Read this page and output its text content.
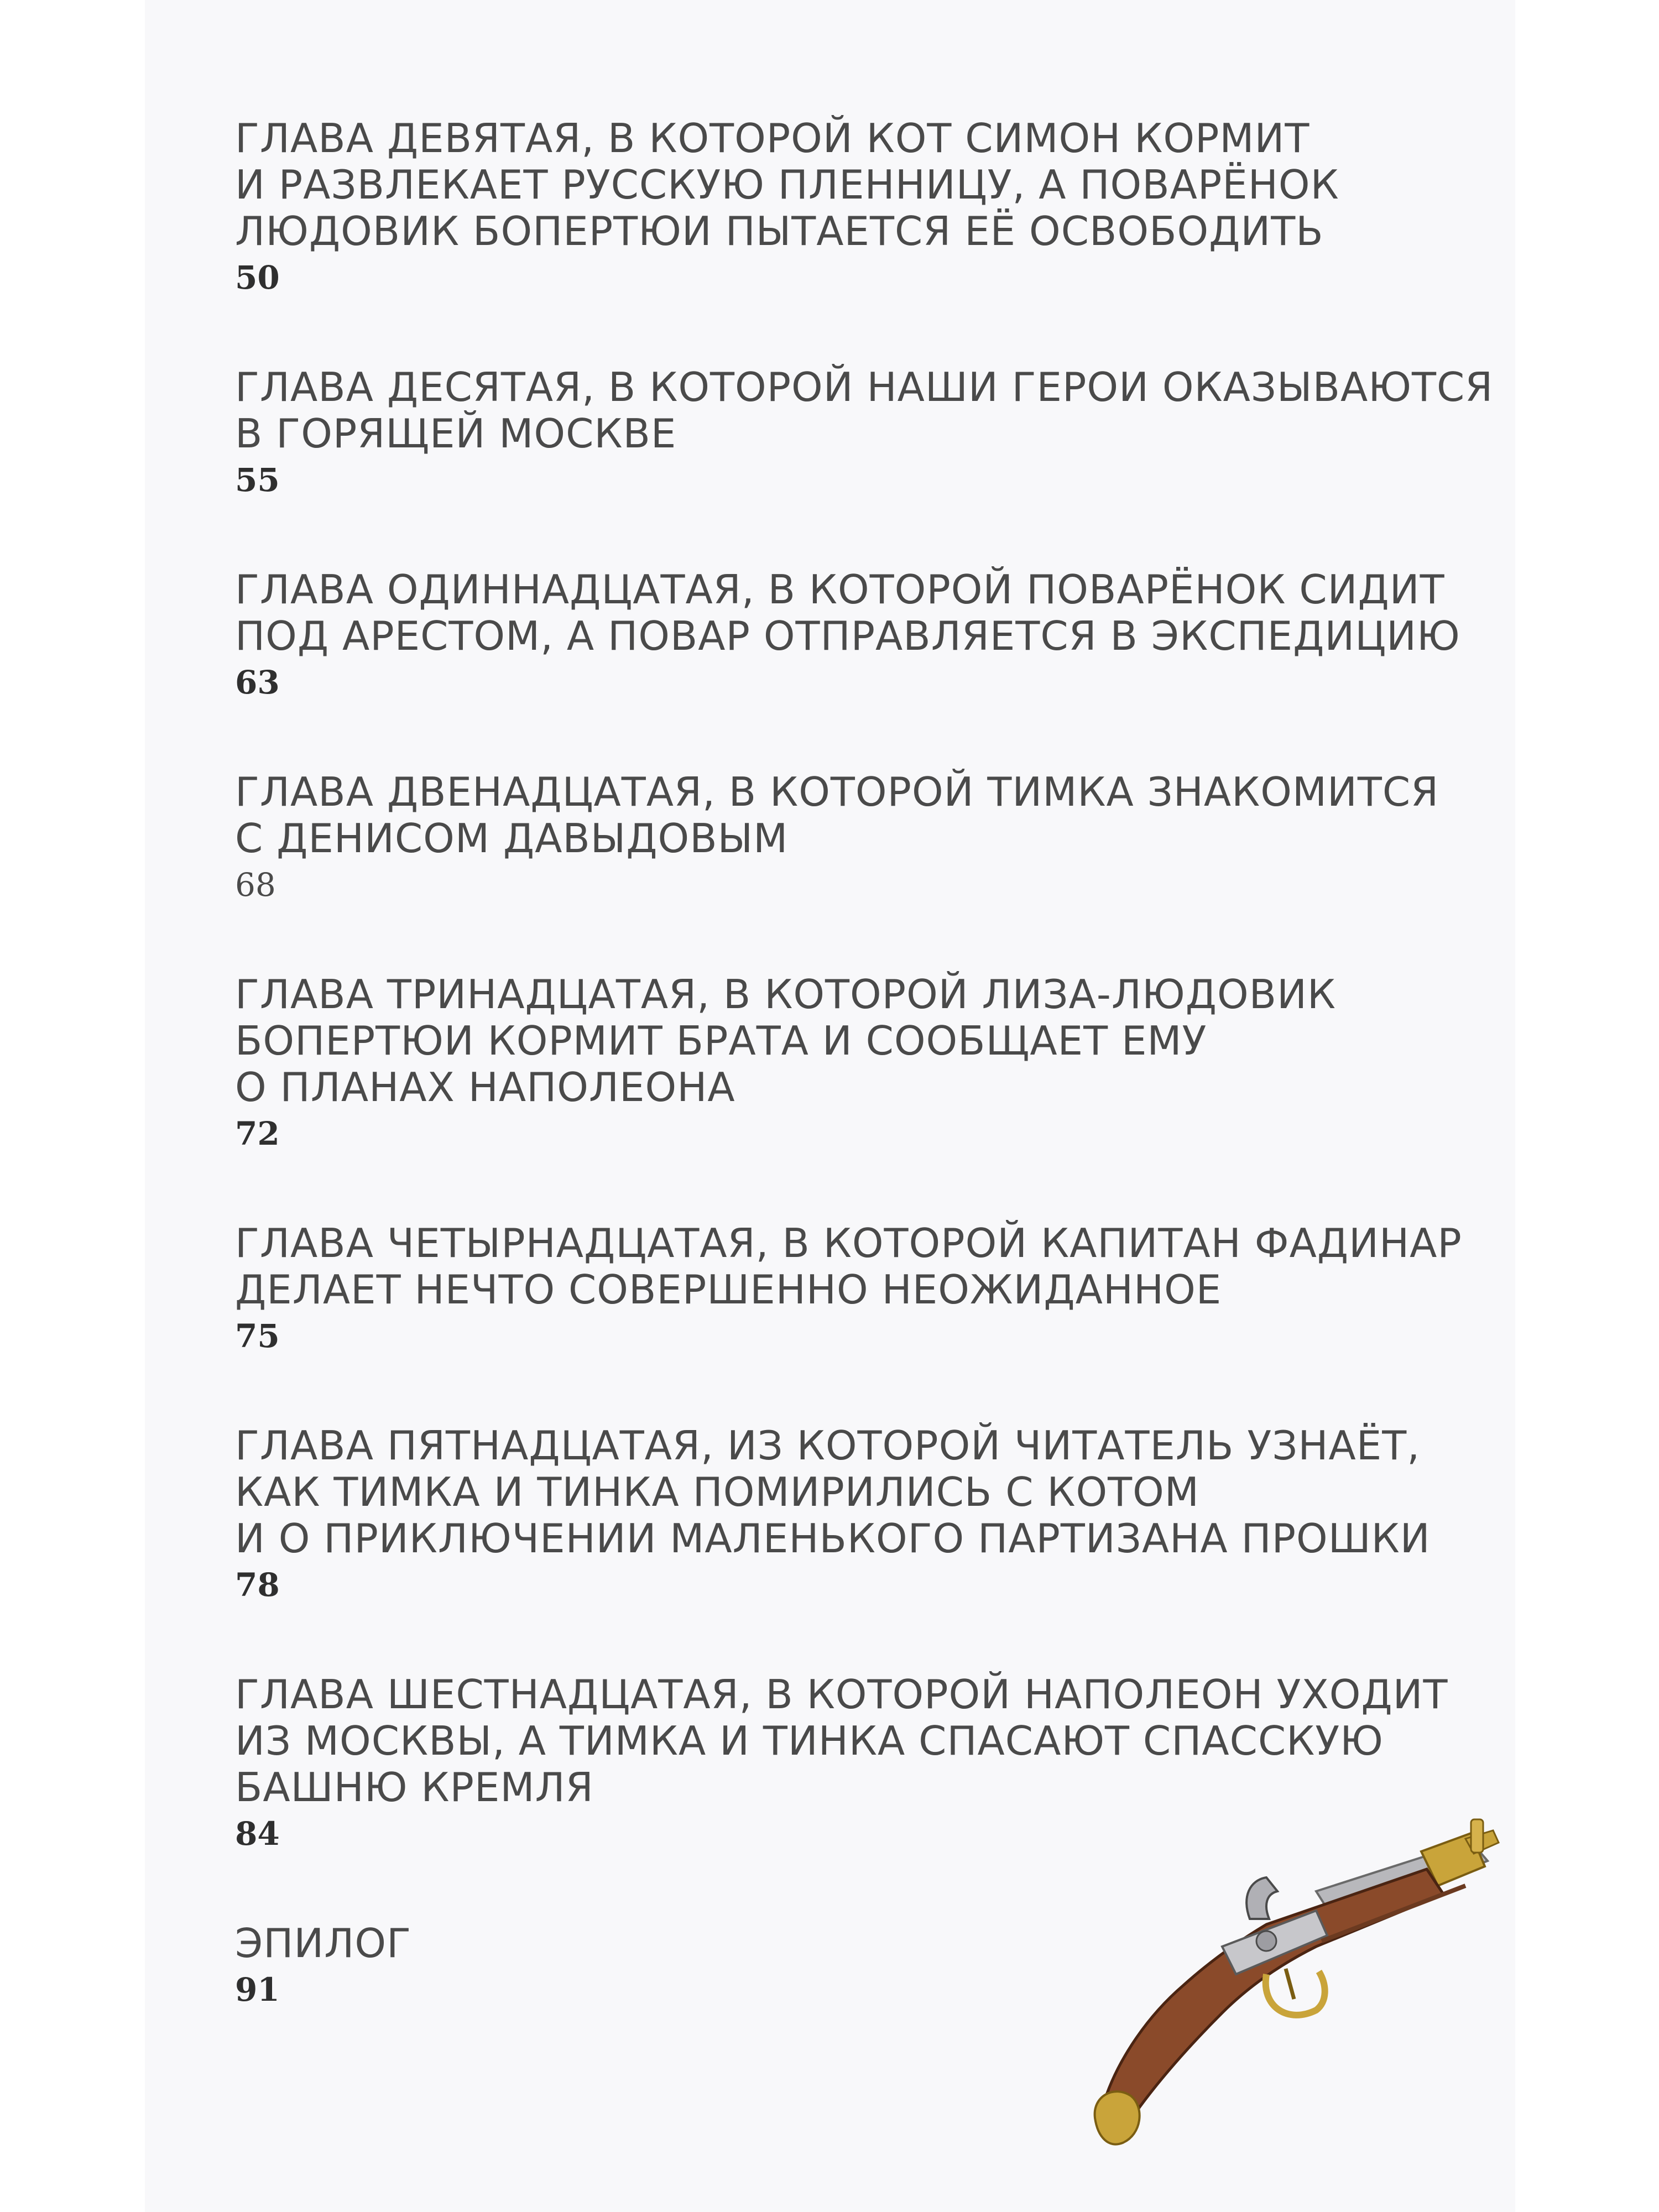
ГЛАВА ДЕВЯТАЯ, В КОТОРОЙ КОТ СИМОН КОРМИТ
И РАЗВЛЕКАЕТ РУССКУЮ ПЛЕННИЦУ, А ПОВАРЁНОК
ЛЮДОВИК БОПЕРТЮИ ПЫТАЕТСЯ ЕЁ ОСВОБОДИТЬ
50
ГЛАВА ДЕСЯТАЯ, В КОТОРОЙ НАШИ ГЕРОИ ОКАЗЫВАЮТСЯ
В ГОРЯЩЕЙ МОСКВЕ
55
ГЛАВА ОДИННАДЦАТАЯ, В КОТОРОЙ ПОВАРЁНОК СИДИТ
ПОД АРЕСТОМ, А ПОВАР ОТПРАВЛЯЕТСЯ В ЭКСПЕДИЦИЮ
63
ГЛАВА ДВЕНАДЦАТАЯ, В КОТОРОЙ ТИМКА ЗНАКОМИТСЯ
С ДЕНИСОМ ДАВЫДОВЫМ
68
ГЛАВА ТРИНАДЦАТАЯ, В КОТОРОЙ ЛИЗА-ЛЮДОВИК
БОПЕРТЮИ КОРМИТ БРАТА И СООБЩАЕТ ЕМУ
О ПЛАНАХ НАПОЛЕОНА
72
ГЛАВА ЧЕТЫРНАДЦАТАЯ, В КОТОРОЙ КАПИТАН ФАДИНАР
ДЕЛАЕТ НЕЧТО СОВЕРШЕННО НЕОЖИДАННОЕ
75
ГЛАВА ПЯТНАДЦАТАЯ, ИЗ КОТОРОЙ ЧИТАТЕЛЬ УЗНАЁТ,
КАК ТИМКА И ТИНКА ПОМИРИЛИСЬ С КОТОМ
И О ПРИКЛЮЧЕНИИ МАЛЕНЬКОГО ПАРТИЗАНА ПРОШКИ
78
ГЛАВА ШЕСТНАДЦАТАЯ, В КОТОРОЙ НАПОЛЕОН УХОДИТ
ИЗ МОСКВЫ, А ТИМКА И ТИНКА СПАСАЮТ СПАССКУЮ
БАШНЮ КРЕМЛЯ
84
ЭПИЛОГ
91
